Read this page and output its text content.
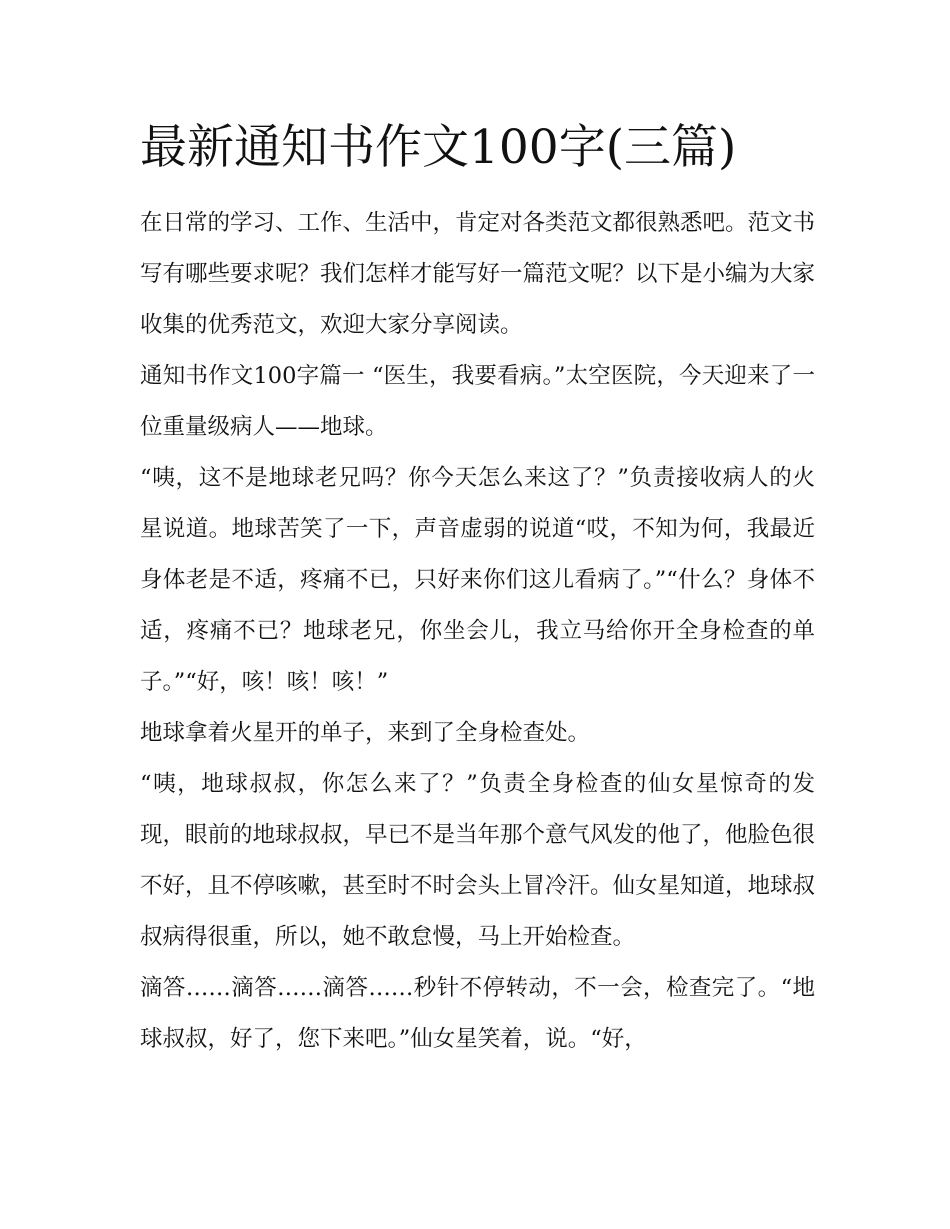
最新通知书作文100字(三篇)

在日常的学习、工作、生活中，肯定对各类范文都很熟悉吧。范文书写有哪些要求呢？我们怎样才能写好一篇范文呢？以下是小编为大家收集的优秀范文，欢迎大家分享阅读。

通知书作文100字篇一 “医生，我要看病。”太空医院，今天迎来了一位重量级病人——地球。

“咦，这不是地球老兄吗？你今天怎么来这了？”负责接收病人的火星说道。地球苦笑了一下，声音虚弱的说道“哎，不知为何，我最近身体老是不适，疼痛不已，只好来你们这儿看病了。”“什么？身体不适，疼痛不已？地球老兄，你坐会儿，我立马给你开全身检查的单子。”“好，咳！咳！咳！”

地球拿着火星开的单子，来到了全身检查处。

“咦，地球叔叔，你怎么来了？”负责全身检查的仙女星惊奇的发现，眼前的地球叔叔，早已不是当年那个意气风发的他了，他脸色很不好，且不停咳嗽，甚至时不时会头上冒冷汗。仙女星知道，地球叔叔病得很重，所以，她不敢怠慢，马上开始检查。

滴答……滴答……滴答……秒针不停转动，不一会，检查完了。“地球叔叔，好了，您下来吧。”仙女星笑着，说。“好，
